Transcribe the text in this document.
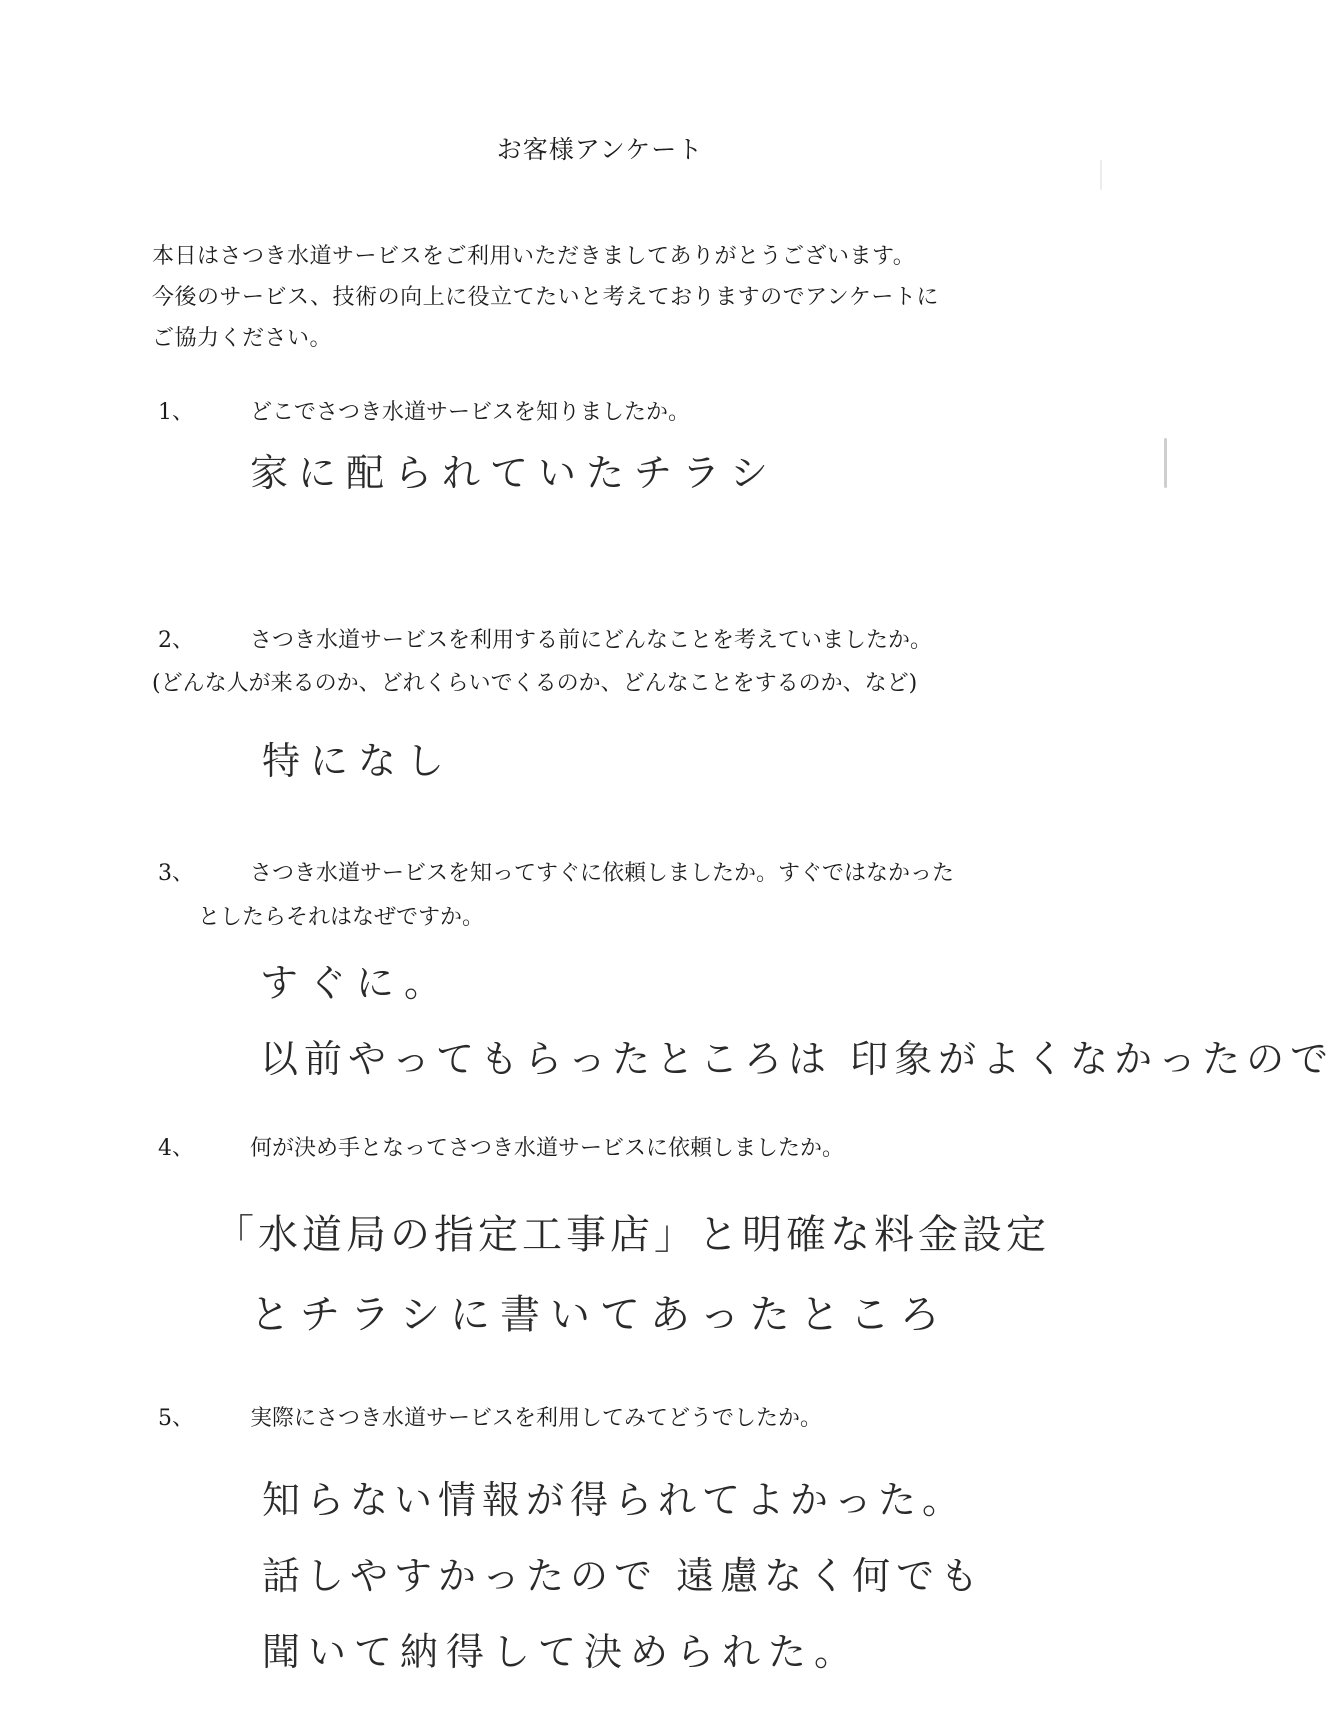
お客様アンケート
本日はさつき水道サービスをご利用いただきましてありがとうございます。
今後のサービス、技術の向上に役立てたいと考えておりますのでアンケートに
ご協力ください。
1、	どこでさつき水道サービスを知りましたか。
家に配られていたチラシ
2、	さつき水道サービスを利用する前にどんなことを考えていましたか。
(どんな人が来るのか、どれくらいでくるのか、どんなことをするのか、など)
特になし
3、	さつき水道サービスを知ってすぐに依頼しましたか。すぐではなかった
としたらそれはなぜですか。
すぐに。
以前やってもらったところは 印象がよくなかったので
4、	何が決め手となってさつき水道サービスに依頼しましたか。
「水道局の指定工事店」と明確な料金設定
とチラシに書いてあったところ
5、	実際にさつき水道サービスを利用してみてどうでしたか。
知らない情報が得られてよかった。
話しやすかったので 遠慮なく何でも
聞いて納得して決められた。
